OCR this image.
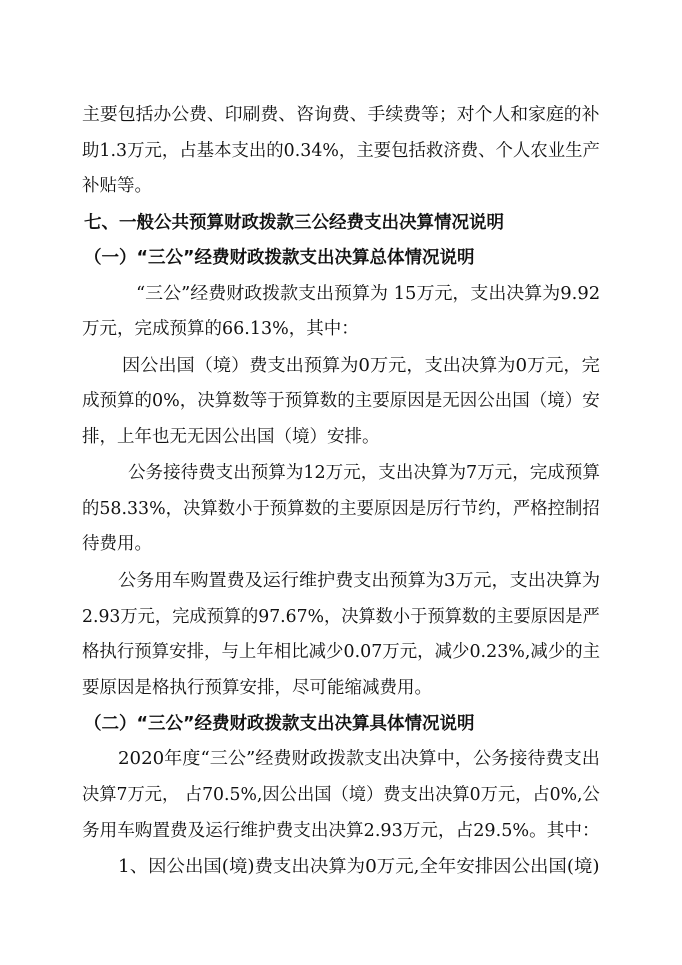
主要包括办公费、印刷费、咨询费、手续费等；对个人和家庭的补
助1.3万元，占基本支出的0.34%，主要包括救济费、个人农业生产
补贴等。
七、一般公共预算财政拨款三公经费支出决算情况说明
（一）“三公”经费财政拨款支出决算总体情况说明
“三公”经费财政拨款支出预算为 15万元，支出决算为9.92
万元，完成预算的66.13%，其中：
因公出国（境）费支出预算为0万元，支出决算为0万元，完
成预算的0%，决算数等于预算数的主要原因是无因公出国（境）安
排，上年也无无因公出国（境）安排。
公务接待费支出预算为12万元，支出决算为7万元，完成预算
的58.33%，决算数小于预算数的主要原因是厉行节约，严格控制招
待费用。
公务用车购置费及运行维护费支出预算为3万元，支出决算为
2.93万元，完成预算的97.67%，决算数小于预算数的主要原因是严
格执行预算安排，与上年相比减少0.07万元，减少0.23%,减少的主
要原因是格执行预算安排，尽可能缩减费用。
（二）“三公”经费财政拨款支出决算具体情况说明
2020年度“三公”经费财政拨款支出决算中，公务接待费支出
决算7万元， 占70.5%,因公出国（境）费支出决算0万元，占0%,公
务用车购置费及运行维护费支出决算2.93万元，占29.5%。其中：
1、因公出国(境)费支出决算为0万元,全年安排因公出国(境)
